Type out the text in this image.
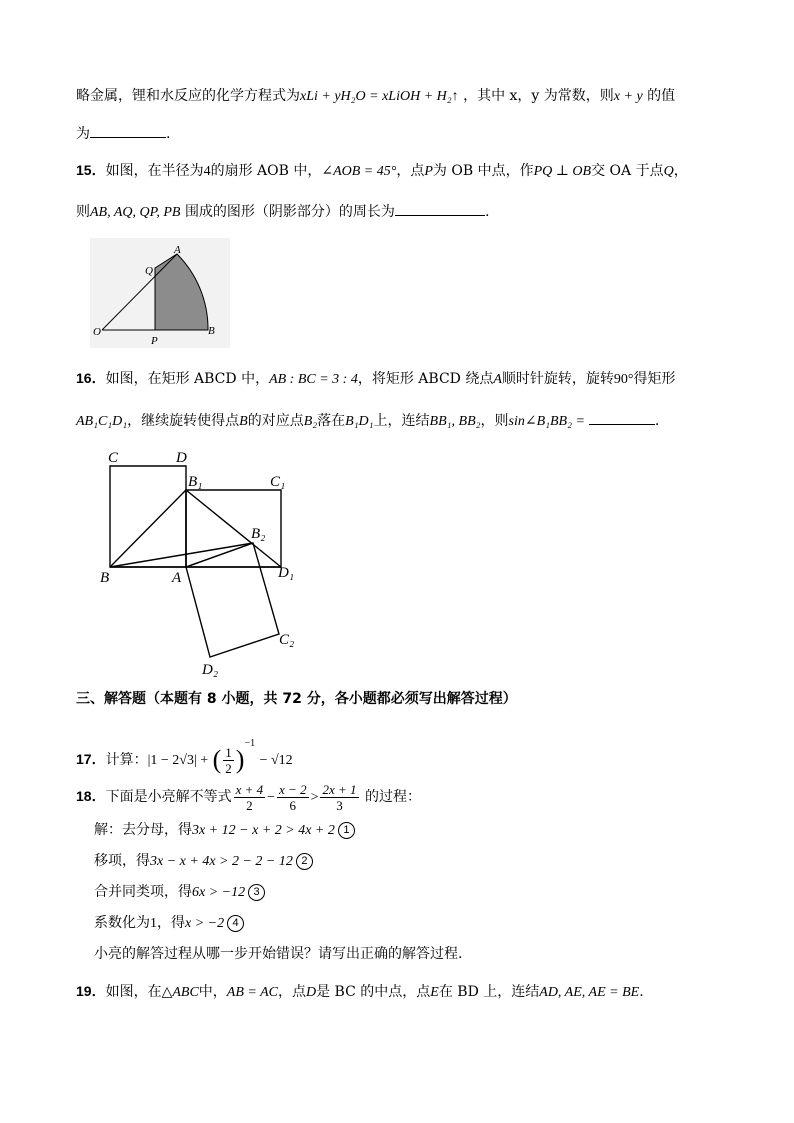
略金属，锂和水反应的化学方程式为xLi + yH₂O = xLiOH + H₂↑ ，其中 x，y 为常数，则x + y 的值
为	.
15．如图，在半径为4的扇形 AOB 中，∠AOB = 45°，点P为 OB 中点，作PQ ⊥ OB交 OA 于点Q，
则AB, AQ, QP, PB 围成的图形（阴影部分）的周长为	.
A
Q
O
P
B
16．如图，在矩形 ABCD 中，AB : BC = 3 : 4，将矩形 ABCD 绕点A顺时针旋转，旋转90°得矩形
AB₁C₁D₁，继续旋转使得点B的对应点B₂落在B₁D₁上，连结BB₁, BB₂，则sin∠B₁BB₂ =	.
C	D
B₁	C₁
B₂
B	A	D₁
C₂
D₂
三、解答题（本题有 8 小题，共 72 分，各小题都必须写出解答过程）
17．计算：|1 − 2√3| + ( $\frac{1}{2} )^{-1} - √12$
18．下面是小亮解不等式 $\frac{x + 4}{2} - \frac{x - 2}{6} > \frac{2x + 1}{3}$ 的过程：
解：去分母，得3x + 12 − x + 2 > 4x + 2 1
移项，得3x − x + 4x > 2 − 2 − 12 2
合并同类项，得6x > −12 3
系数化为1，得x > −2 4
小亮的解答过程从哪一步开始错误？请写出正确的解答过程.
19．如图，在△ABC中，AB = AC，点D是 BC 的中点，点E在 BD 上，连结AD, AE, AE = BE.
